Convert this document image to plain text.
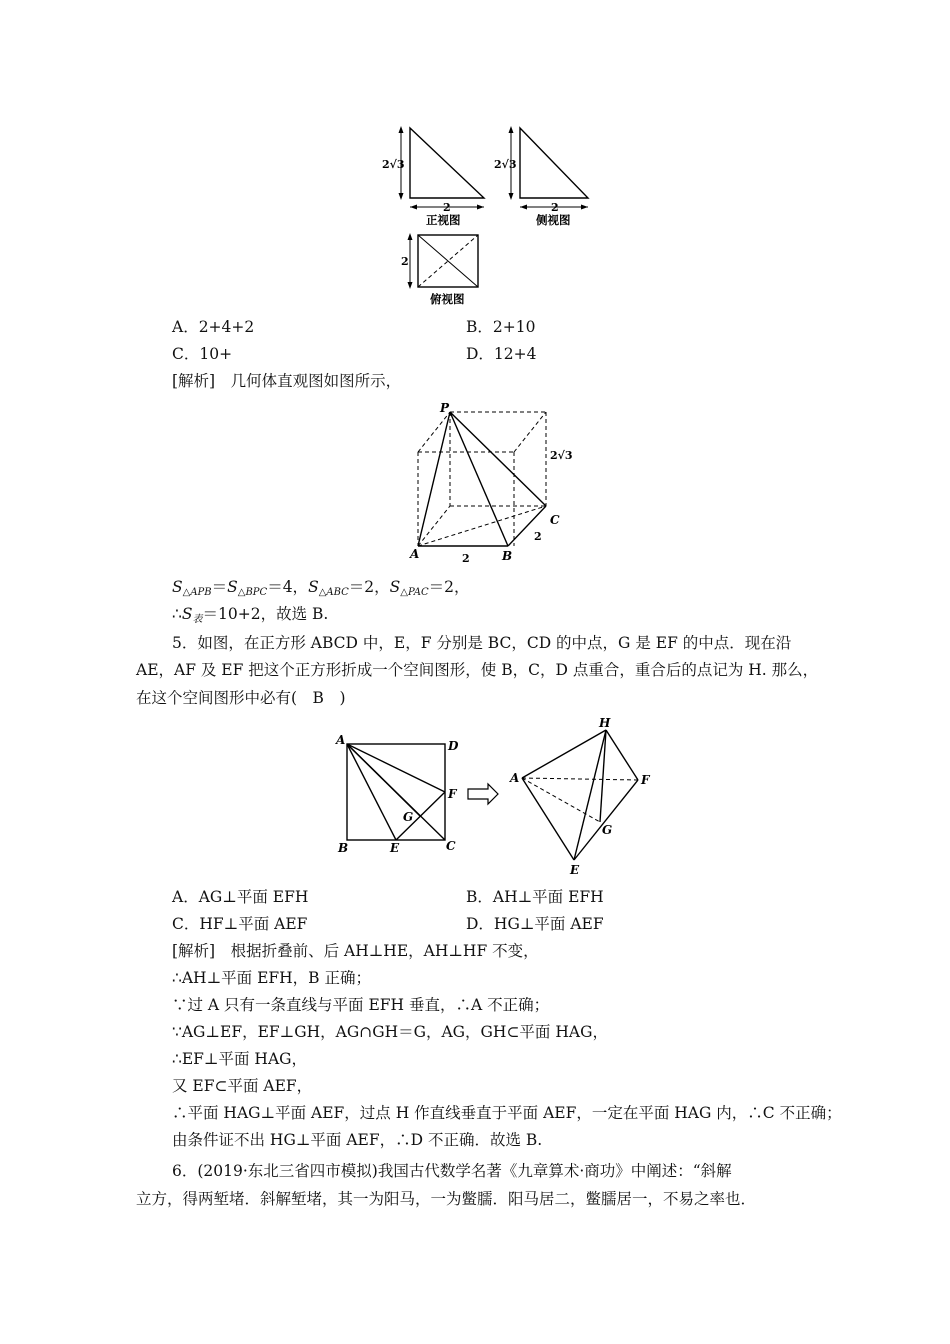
2√3
2
正视图
2√3
2
侧视图
2
俯视图
A．2+4+2	B．2+10
C．10+	D．12+4
[解析]　 几何体直观图如图所示，
P
A	B
C
2√3
2
2
$S_{\triangle APB}=S_{\triangle BPC}=4$，$S_{\triangle ABC}=2$，$S_{\triangle PAC}=2$，
$\therefore S_表=10+2$，故选 B.
5．如图，在正方形 ABCD 中，E，F 分别是 BC，CD 的中点，G 是 EF 的中点．现在沿
AE，AF 及 EF 把这个正方形折成一个空间图形，使 B，C，D 点重合，重合后的点记为 H. 那么，
在这个空间图形中必有(　B　)
A	D
F
G
B	E	C
H
A	F
G
E
A．AG⊥平面 EFH	B．AH⊥平面 EFH
C．HF⊥平面 AEF	D．HG⊥平面 AEF
[解析]　根据折叠前、后 AH⊥HE，AH⊥HF 不变，
∴AH⊥平面 EFH，B 正确；
∵过 A 只有一条直线与平面 EFH 垂直，∴A 不正确；
∵AG⊥EF，EF⊥GH，AG∩GH＝G，AG，GH⊂平面 HAG，
∴EF⊥平面 HAG，
又 EF⊂平面 AEF，
∴平面 HAG⊥平面 AEF，过点 H 作直线垂直于平面 AEF，一定在平面 HAG 内，∴C 不正确；
由条件证不出 HG⊥平面 AEF，∴D 不正确．故选 B.
6．(2019·东北三省四市模拟)我国古代数学名著《九章算术·商功》中阐述：“斜解
立方，得两堑堵．斜解堑堵，其一为阳马，一为鳖臑．阳马居二，鳖臑居一，不易之率也．
